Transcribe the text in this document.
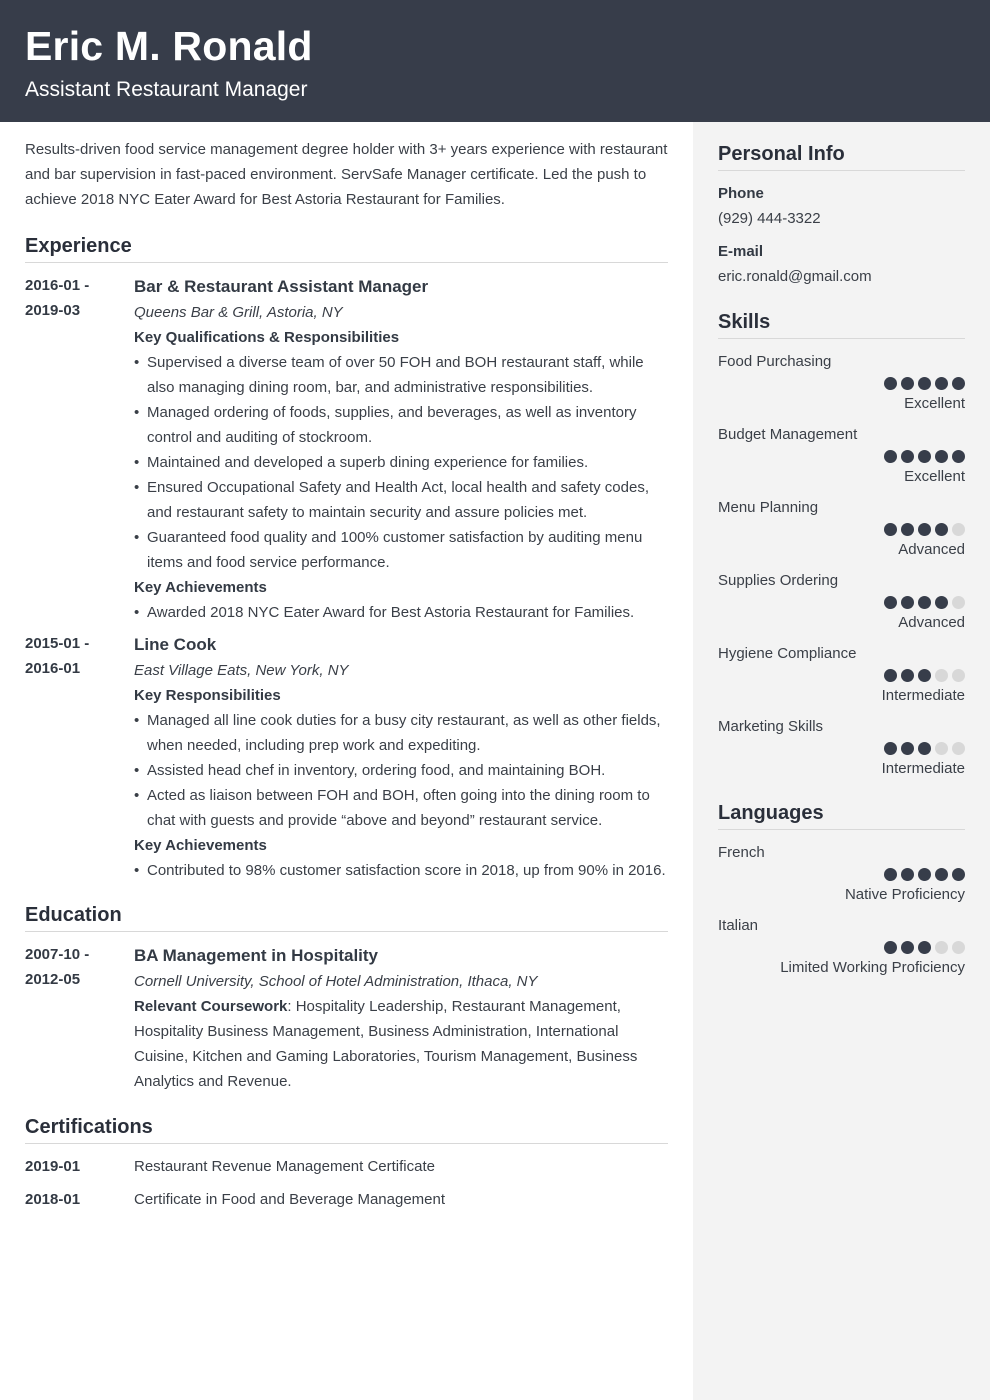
Eric M. Ronald
Assistant Restaurant Manager

Results-driven food service management degree holder with 3+ years experience with restaurant and bar supervision in fast-paced environment. ServSafe Manager certificate. Led the push to achieve 2018 NYC Eater Award for Best Astoria Restaurant for Families.

Experience
2016-01 -
2019-03
Bar & Restaurant Assistant Manager
Queens Bar & Grill, Astoria, NY
Key Qualifications & Responsibilities
• Supervised a diverse team of over 50 FOH and BOH restaurant staff, while also managing dining room, bar, and administrative responsibilities.
• Managed ordering of foods, supplies, and beverages, as well as inventory control and auditing of stockroom.
• Maintained and developed a superb dining experience for families.
• Ensured Occupational Safety and Health Act, local health and safety codes, and restaurant safety to maintain security and assure policies met.
• Guaranteed food quality and 100% customer satisfaction by auditing menu items and food service performance.
Key Achievements
• Awarded 2018 NYC Eater Award for Best Astoria Restaurant for Families.
2015-01 -
2016-01
Line Cook
East Village Eats, New York, NY
Key Responsibilities
• Managed all line cook duties for a busy city restaurant, as well as other fields, when needed, including prep work and expediting.
• Assisted head chef in inventory, ordering food, and maintaining BOH.
• Acted as liaison between FOH and BOH, often going into the dining room to chat with guests and provide “above and beyond” restaurant service.
Key Achievements
• Contributed to 98% customer satisfaction score in 2018, up from 90% in 2016.
Education
2007-10 -
2012-05
BA Management in Hospitality
Cornell University, School of Hotel Administration, Ithaca, NY
Relevant Coursework: Hospitality Leadership, Restaurant Management, Hospitality Business Management, Business Administration, International Cuisine, Kitchen and Gaming Laboratories, Tourism Management, Business Analytics and Revenue.
Certifications
2019-01	Restaurant Revenue Management Certificate
2018-01	Certificate in Food and Beverage Management
Personal Info
Phone
(929) 444-3322
E-mail
eric.ronald@gmail.com
Skills
Food Purchasing
Excellent
Budget Management
Excellent
Menu Planning
Advanced
Supplies Ordering
Advanced
Hygiene Compliance
Intermediate
Marketing Skills
Intermediate
Languages
French
Native Proficiency
Italian
Limited Working Proficiency
